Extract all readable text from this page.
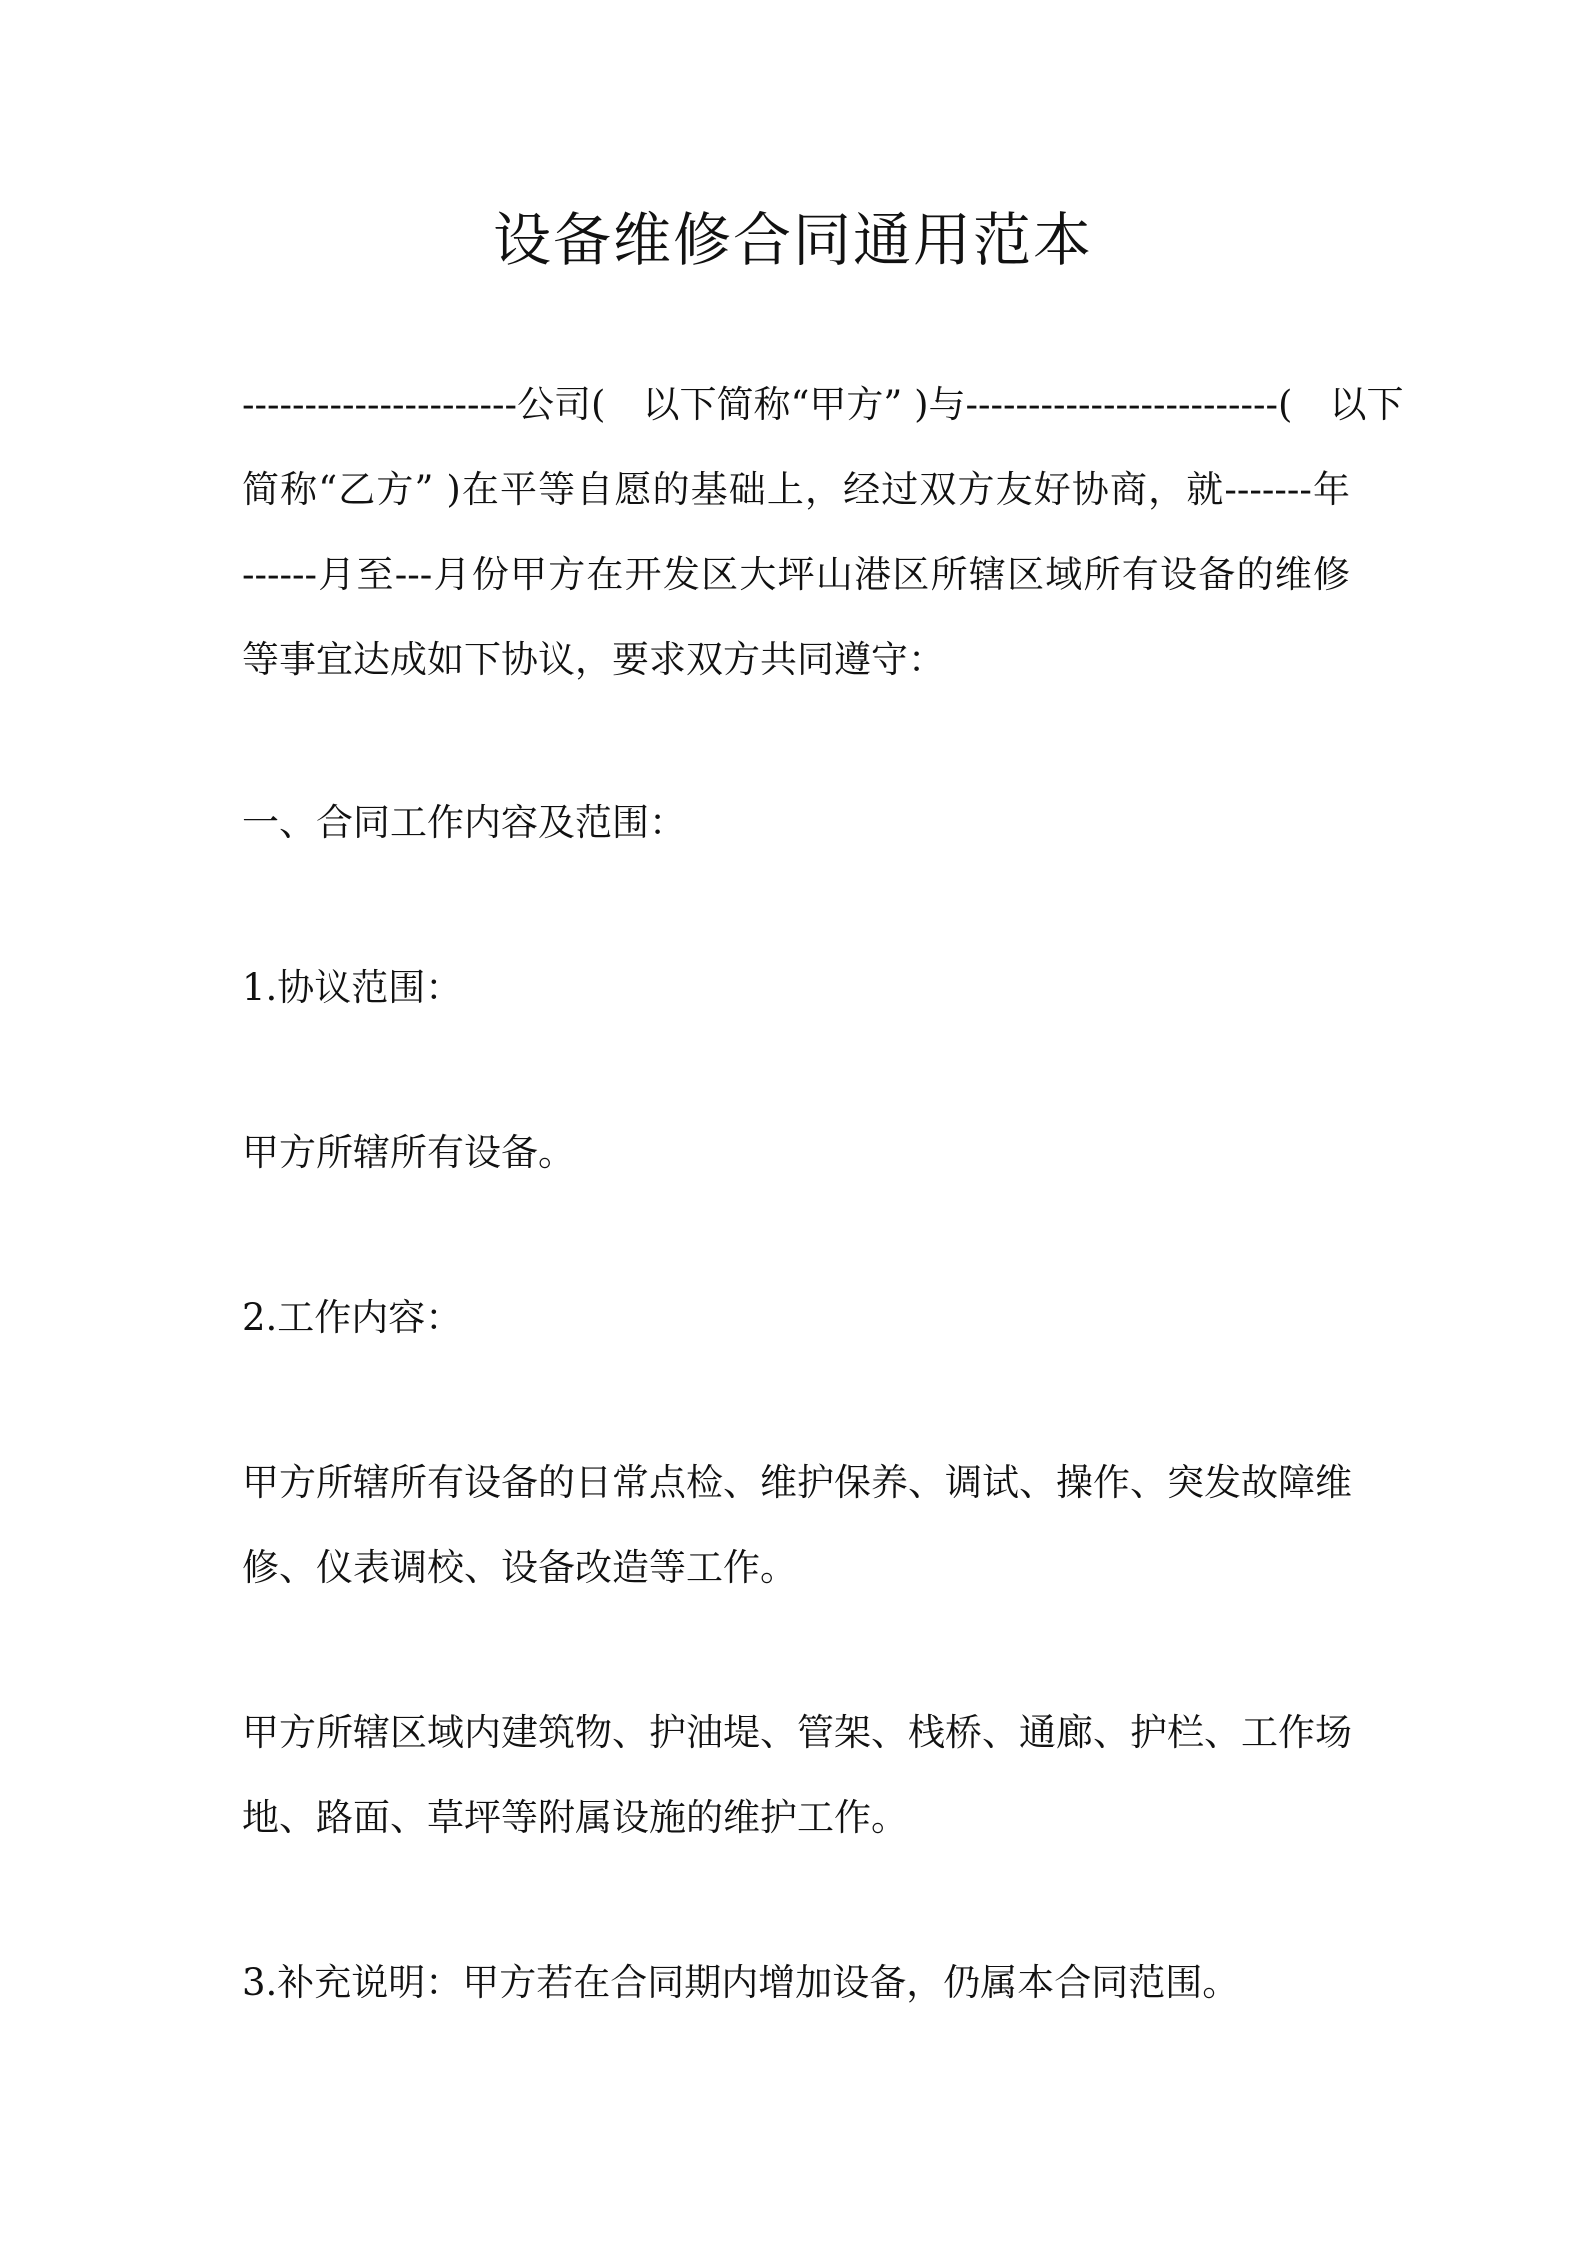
设备维修合同通用范本
----------------------公司(　以下简称“甲方” )与-------------------------(　以下
简称“乙方” )在平等自愿的基础上，经过双方友好协商，就-------年
------月至---月份甲方在开发区大坪山港区所辖区域所有设备的维修
等事宜达成如下协议，要求双方共同遵守：

一、合同工作内容及范围：

1.协议范围：

甲方所辖所有设备。

2.工作内容：

甲方所辖所有设备的日常点检、维护保养、调试、操作、突发故障维
修、仪表调校、设备改造等工作。
甲方所辖区域内建筑物、护油堤、管架、栈桥、通廊、护栏、工作场
地、路面、草坪等附属设施的维护工作。

3.补充说明：甲方若在合同期内增加设备，仍属本合同范围。
